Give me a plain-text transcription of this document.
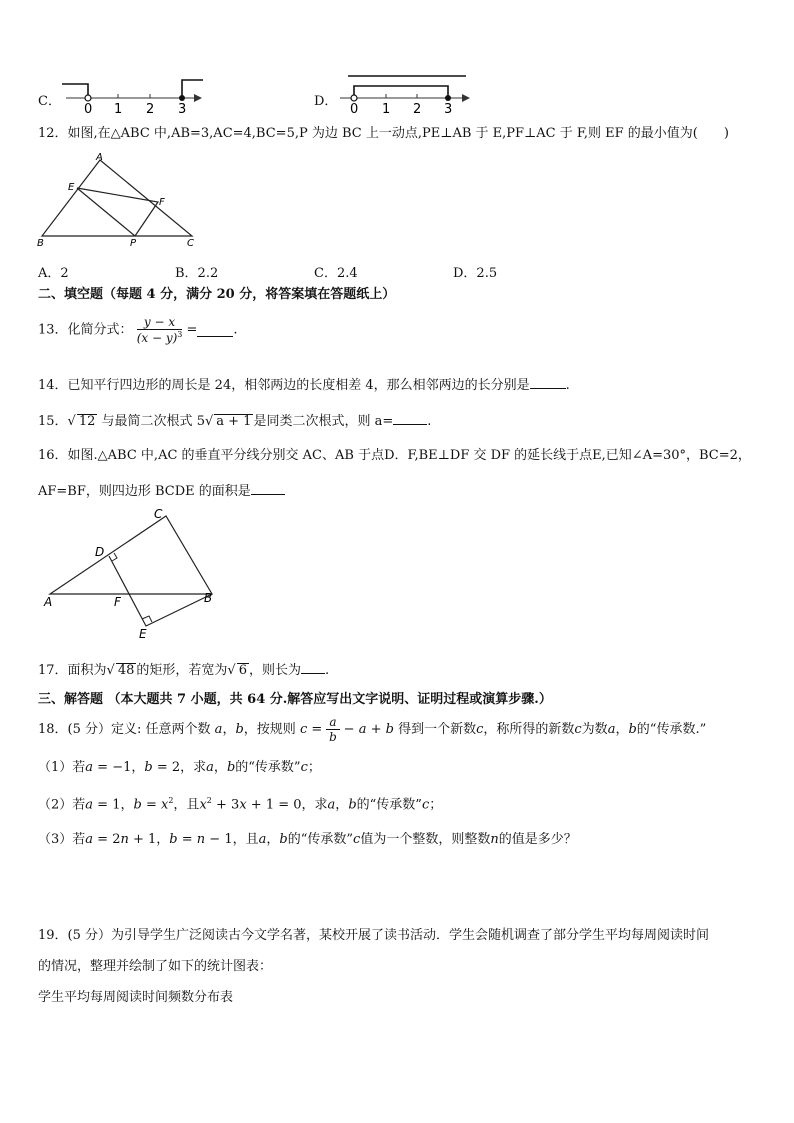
C．
0 1 2 3
D．
0 1 2 3
12．如图,在△ABC 中,AB=3,AC=4,BC=5,P 为边 BC 上一动点,PE⊥AB 于 E,PF⊥AC 于 F,则 EF 的最小值为(　　)
A
E
F
B	P	C
A．2	B．2.2	C．2.4	D．2.5
二、填空题（每题 4 分，满分 20 分，将答案填在答题纸上）
13．化简分式： $\frac{y - x}{(x - y)^3}$ =	.
14．已知平行四边形的周长是 24，相邻两边的长度相差 4，那么相邻两边的长分别是	.
15．√ 12 与最简二次根式 5√ a + 1 是同类二次根式，则 a=	.
16．如图.△ABC 中,AC 的垂直平分线分别交 AC、AB 于点D．F,BE⊥DF 交 DF 的延长线于点E,已知∠A=30°，BC=2，
AF=BF，则四边形 BCDE 的面积是
C
D
A	F	B
E
17．面积为√ 48 的矩形，若宽为√ 6 ，则长为 .
三、解答题 （本大题共 7 小题，共 64 分.解答应写出文字说明、证明过程或演算步骤.）
18．(5 分）定义: 任意两个数 a，b，按规则 $c = \frac{a}{b} - a + b$ 得到一个新数c，称所得的新数c为数a，b的“传承数.”
（1）若a = −1，b = 2，求a，b的“传承数”c；
（2）若a = 1，$b = x^2$，且$x^2 + 3x + 1 = 0$，求a，b的“传承数”c；
（3）若a = 2n + 1，b = n − 1，且a，b的“传承数”c值为一个整数，则整数n的值是多少？
19．(5 分）为引导学生广泛阅读古今文学名著，某校开展了读书活动．学生会随机调查了部分学生平均每周阅读时间
的情况，整理并绘制了如下的统计图表：
学生平均每周阅读时间频数分布表
